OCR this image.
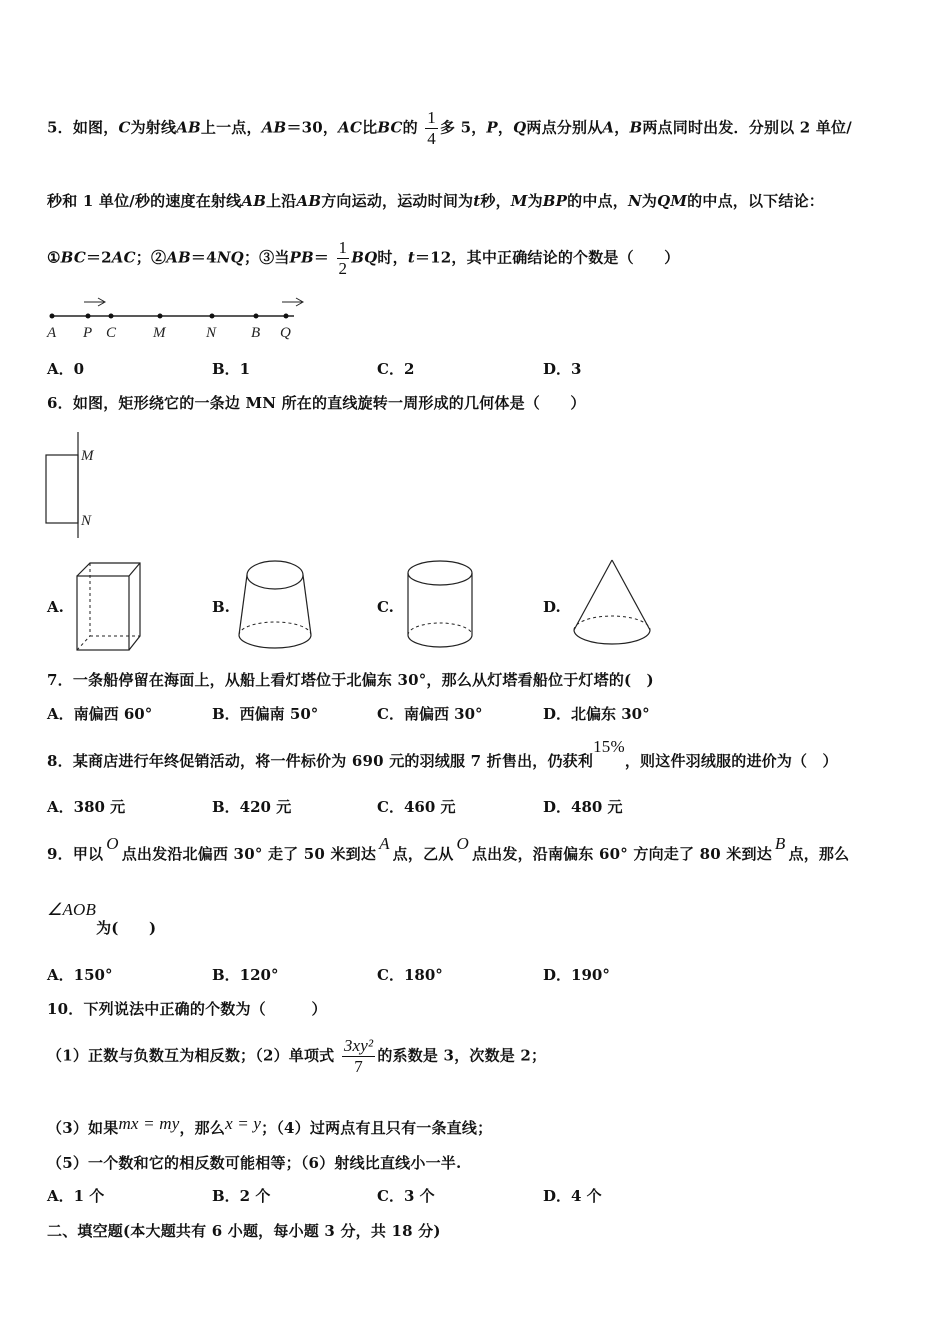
5．如图，C为射线AB上一点，AB＝30，AC比BC的 $\frac{1}{4}$ 多 5，P，Q两点分别从A，B两点同时出发．分别以 2 单位/
秒和 1 单位/秒的速度在射线AB上沿AB方向运动，运动时间为t秒，M为BP的中点，N为QM的中点，以下结论：
①BC＝2AC；②AB＝4NQ；③当$PB= \frac{1}{2}$ BQ时，t＝12，其中正确结论的个数是（　　）
A P C M	N B Q
A．0	B．1	C．2	D．3
6．如图，矩形绕它的一条边 MN 所在的直线旋转一周形成的几何体是（　　）
M
N
A.	B.	C.	D.
7．一条船停留在海面上，从船上看灯塔位于北偏东 30°，那么从灯塔看船位于灯塔的(　)
A．南偏西 60°	B．西偏南 50°	C．南偏西 30°	D．北偏东 30°
8．某商店进行年终促销活动，将一件标价为 690 元的羽绒服 7 折售出，仍获利15%，则这件羽绒服的进价为（　）
A．380 元	B．420 元	C．460 元	D．480 元
9．甲以O点出发沿北偏西 30° 走了 50 米到达A点，乙从O点出发，沿南偏东 60° 方向走了 80 米到达B点，那么
∠AOB为(　　)
A．150°	B．120°	C．180°	D．190°
10．下列说法中正确的个数为（　　　）
（1）正数与负数互为相反数；（2）单项式 $\frac{\text{3xy²}}{7}$ 的系数是 3，次数是 2；
（3）如果mx = my，那么x = y；（4）过两点有且只有一条直线；
（5）一个数和它的相反数可能相等；（6）射线比直线小一半.
A．1 个	B．2 个	C．3 个	D．4 个
二、填空题(本大题共有 6 小题，每小题 3 分，共 18 分)
